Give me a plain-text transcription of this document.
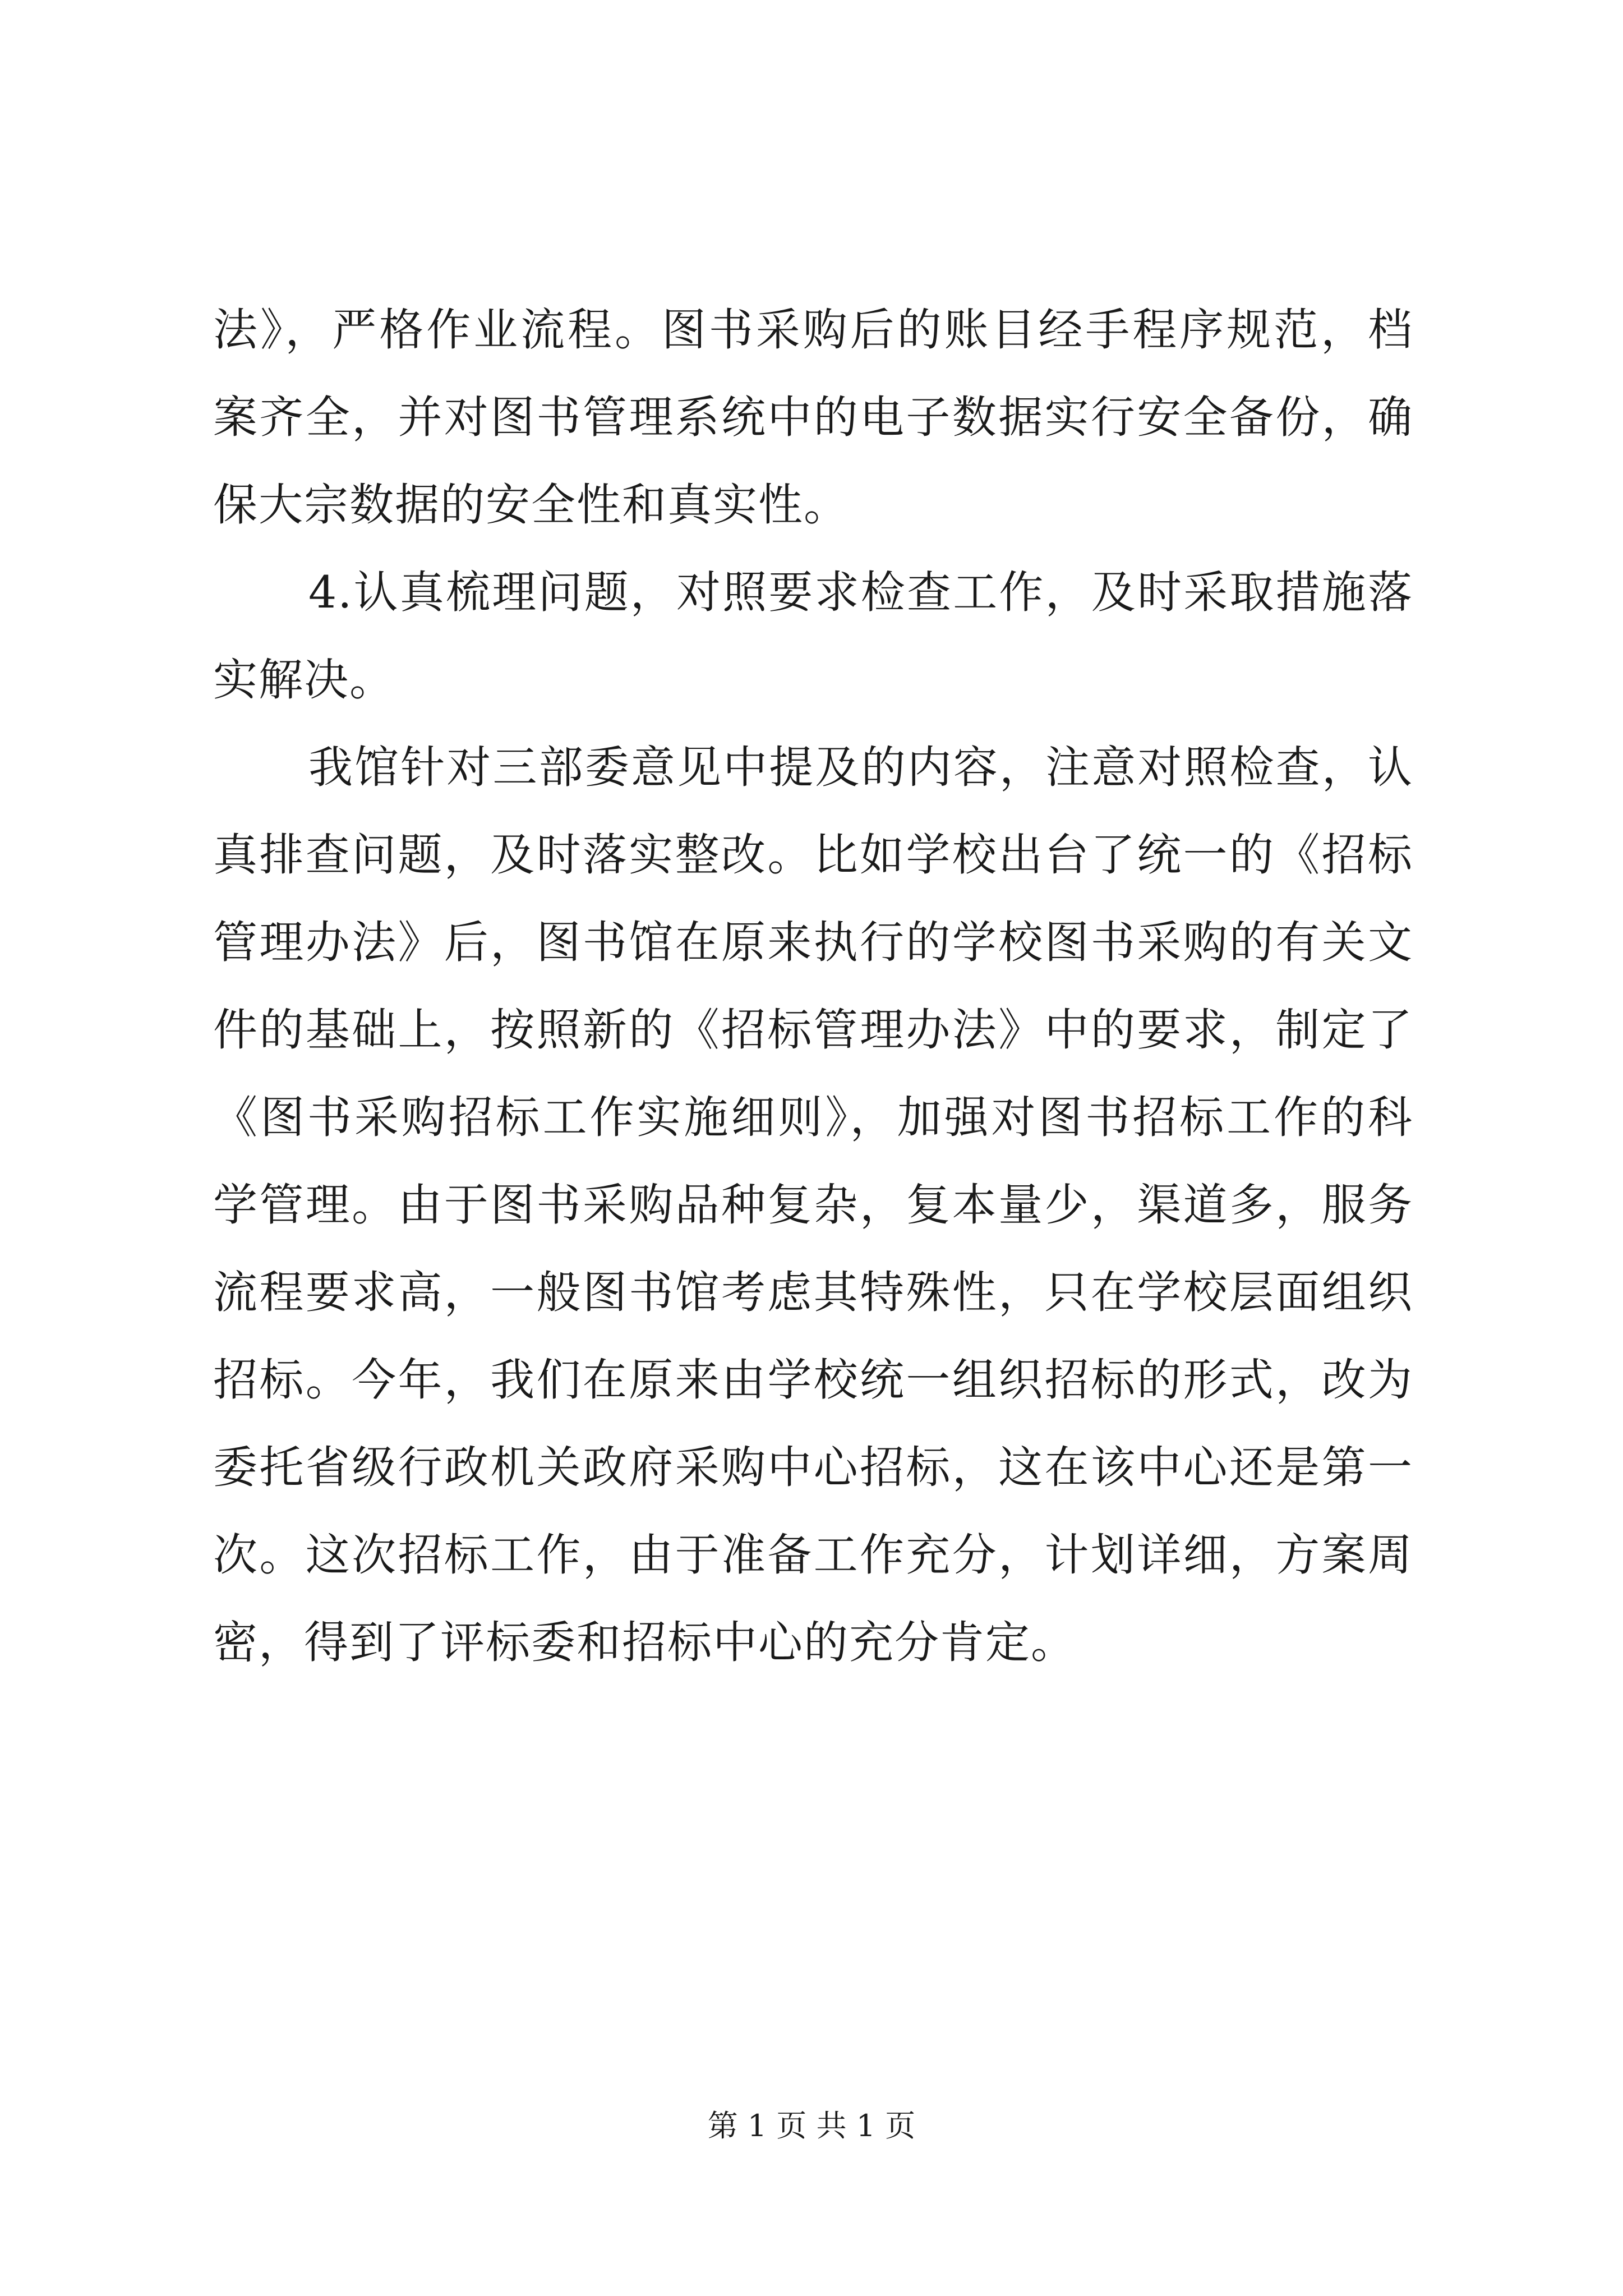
法》，严格作业流程。图书采购后的账目经手程序规范，档案齐全，并对图书管理系统中的电子数据实行安全备份，确保大宗数据的安全性和真实性。

4.认真梳理问题，对照要求检查工作，及时采取措施落实解决。

我馆针对三部委意见中提及的内容，注意对照检查，认真排查问题，及时落实整改。比如学校出台了统一的《招标管理办法》后，图书馆在原来执行的学校图书采购的有关文件的基础上，按照新的《招标管理办法》中的要求，制定了《图书采购招标工作实施细则》，加强对图书招标工作的科学管理。由于图书采购品种复杂，复本量少，渠道多，服务流程要求高，一般图书馆考虑其特殊性，只在学校层面组织招标。今年，我们在原来由学校统一组织招标的形式，改为委托省级行政机关政府采购中心招标，这在该中心还是第一次。这次招标工作，由于准备工作充分，计划详细，方案周密，得到了评标委和招标中心的充分肯定。

第 1 页 共 1 页
